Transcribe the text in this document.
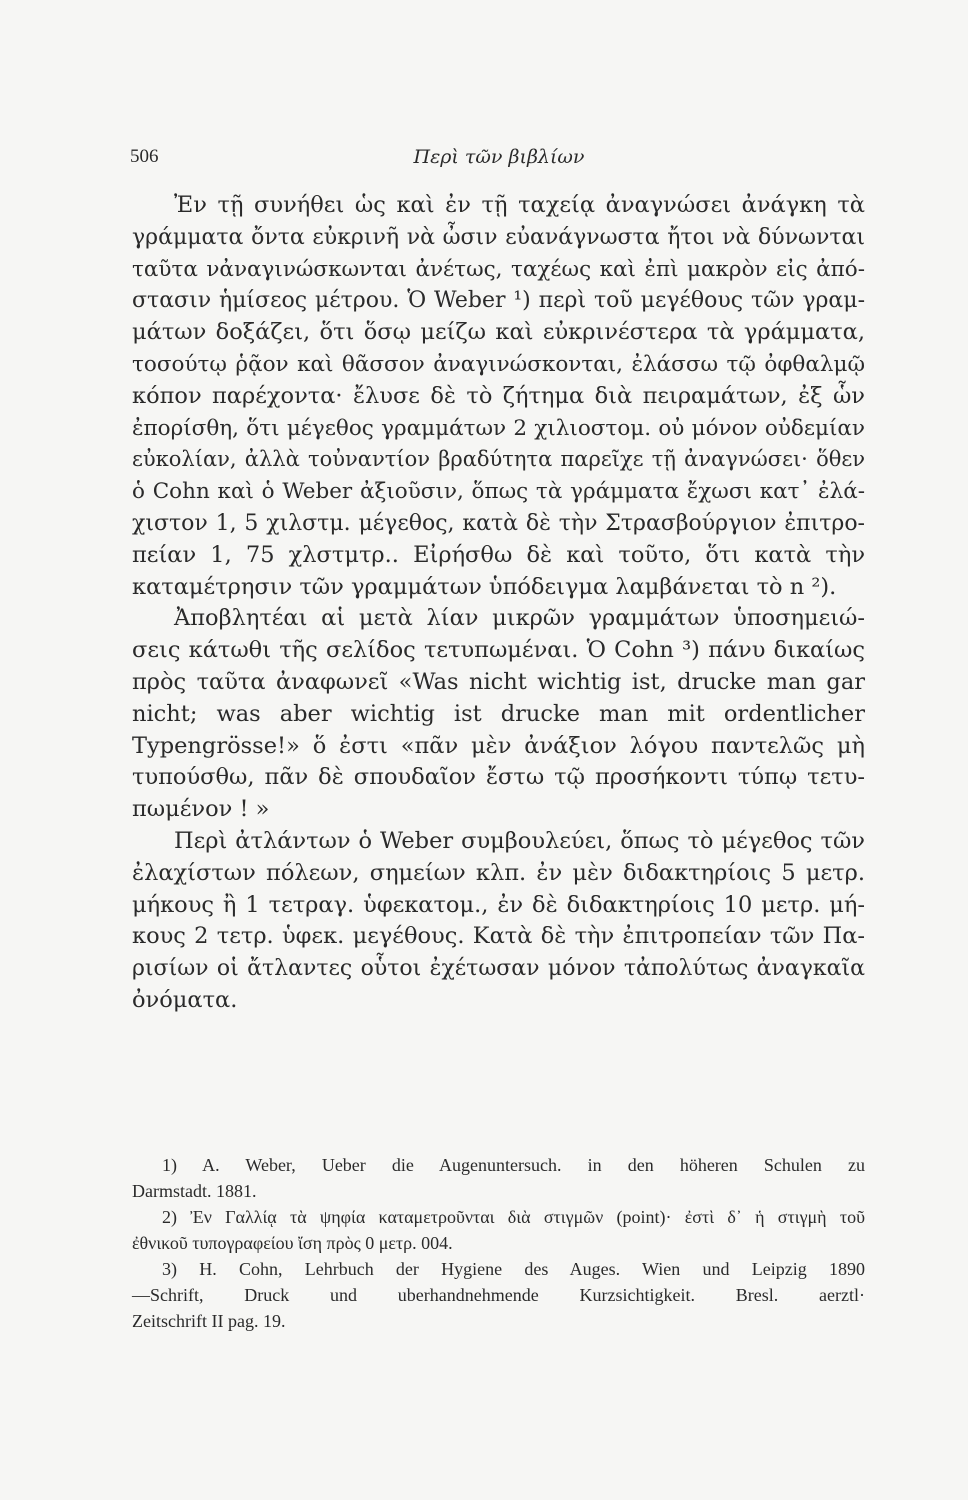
506	Περὶ τῶν βιβλίων
Ἐν τῇ συνήθει ὡς καὶ ἐν τῇ ταχείᾳ ἀναγνώσει ἀνάγκη τὰ
γράμματα ὄντα εὐκρινῆ νὰ ὦσιν εὐανάγνωστα ἤτοι νὰ δύνωνται
ταῦτα νἀναγινώσκωνται ἀνέτως, ταχέως καὶ ἐπὶ μακρὸν εἰς ἀπό-
στασιν ἡμίσεος μέτρου. Ὁ Weber ¹) περὶ τοῦ μεγέθους τῶν γραμ-
μάτων δοξάζει, ὅτι ὅσῳ μείζω καὶ εὐκρινέστερα τὰ γράμματα,
τοσούτῳ ῥᾷον καὶ θᾶσσον ἀναγινώσκονται, ἐλάσσω τῷ ὀφθαλμῷ
κόπον παρέχοντα· ἔλυσε δὲ τὸ ζήτημα διὰ πειραμάτων, ἐξ ὧν
ἐπορίσθη, ὅτι μέγεθος γραμμάτων 2 χιλιοστομ. οὐ μόνον οὐδεμίαν
εὐκολίαν, ἀλλὰ τοὐναντίον βραδύτητα παρεῖχε τῇ ἀναγνώσει· ὅθεν
ὁ Cohn καὶ ὁ Weber ἀξιοῦσιν, ὅπως τὰ γράμματα ἔχωσι κατ᾽ ἐλά-
χιστον 1, 5 χιλστμ. μέγεθος, κατὰ δὲ τὴν Στρασβούργιον ἐπιτρο-
πείαν 1, 75 χλστμτρ.. Εἰρήσθω δὲ καὶ τοῦτο, ὅτι κατὰ τὴν
καταμέτρησιν τῶν γραμμάτων ὑπόδειγμα λαμβάνεται τὸ n ²).
Ἀποβλητέαι αἱ μετὰ λίαν μικρῶν γραμμάτων ὑποσημειώ-
σεις κάτωθι τῆς σελίδος τετυπωμέναι. Ὁ Cohn ³) πάνυ δικαίως
πρὸς ταῦτα ἀναφωνεῖ «Was nicht wichtig ist, drucke man gar
nicht; was aber wichtig ist drucke man mit ordentlicher
Typengrösse!» ὅ ἐστι «πᾶν μὲν ἀνάξιον λόγου παντελῶς μὴ
τυπούσθω, πᾶν δὲ σπουδαῖον ἔστω τῷ προσήκοντι τύπῳ τετυ-
πωμένον ! »
Περὶ ἀτλάντων ὁ Weber συμβουλεύει, ὅπως τὸ μέγεθος τῶν
ἐλαχίστων πόλεων, σημείων κλπ. ἐν μὲν διδακτηρίοις 5 μετρ.
μήκους ἢ 1 τετραγ. ὑφεκατομ., ἐν δὲ διδακτηρίοις 10 μετρ. μή-
κους 2 τετρ. ὑφεκ. μεγέθους. Κατὰ δὲ τὴν ἐπιτροπείαν τῶν Πα-
ρισίων οἱ ἄτλαντες οὗτοι ἐχέτωσαν μόνον τἀπολύτως ἀναγκαῖα
ὀνόματα.
1) A. Weber, Ueber die Augenuntersuch. in den höheren Schulen zu
Darmstadt. 1881.
2) Ἐν Γαλλίᾳ τὰ ψηφία καταμετροῦνται διὰ στιγμῶν (point)· ἐστὶ δ᾽ ἡ στιγμὴ τοῦ
ἐθνικοῦ τυπογραφείου ἴση πρὸς 0 μετρ. 004.
3) H. Cohn, Lehrbuch der Hygiene des Auges. Wien und Leipzig 1890
—Schrift, Druck und uberhandnehmende Kurzsichtigkeit. Bresl. aerztl·
Zeitschrift II pag. 19.
